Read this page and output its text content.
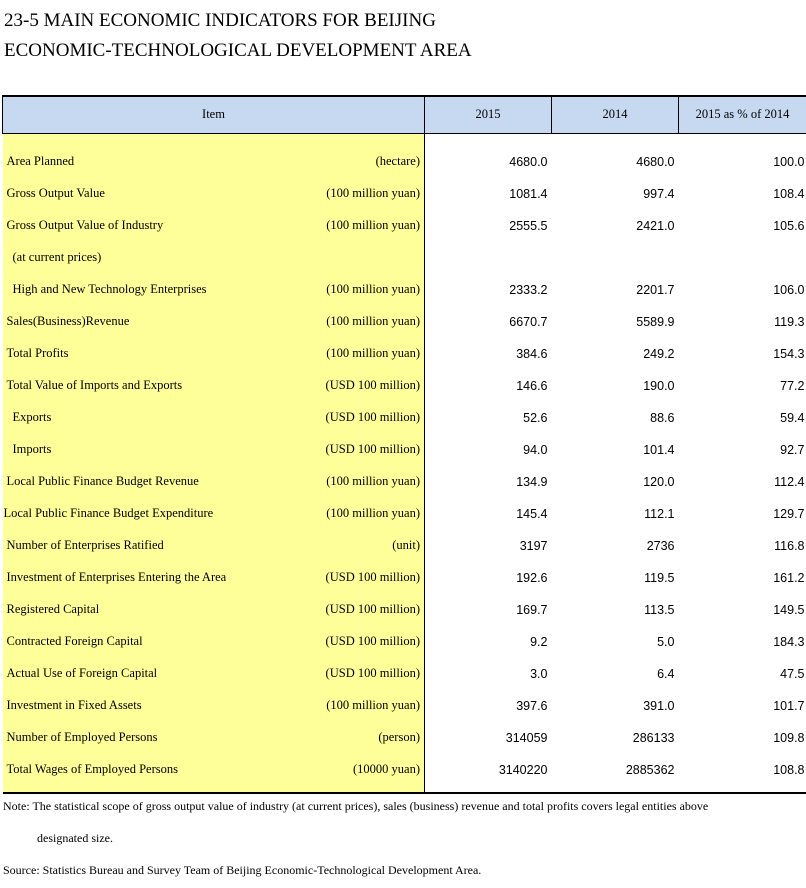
23-5 MAIN ECONOMIC INDICATORS FOR BEIJING
ECONOMIC-TECHNOLOGICAL DEVELOPMENT AREA
Item	2015	2014	2015 as % of 2014

Area Planned (hectare)	4680.0	4680.0	100.0

Gross Output Value (100 million yuan)	1081.4	997.4	108.4

Gross Output Value of Industry (100 million yuan)	2555.5	2421.0	105.6

(at current prices)			

High and New Technology Enterprises (100 million yuan)	2333.2	2201.7	106.0

Sales(Business)Revenue (100 million yuan)	6670.7	5589.9	119.3

Total Profits (100 million yuan)	384.6	249.2	154.3

Total Value of Imports and Exports (USD 100 million)	146.6	190.0	77.2

Exports (USD 100 million)	52.6	88.6	59.4

Imports (USD 100 million)	94.0	101.4	92.7

Local Public Finance Budget Revenue (100 million yuan)	134.9	120.0	112.4

Local Public Finance Budget Expenditure (100 million yuan)	145.4	112.1	129.7

Number of Enterprises Ratified (unit)	3197	2736	116.8

Investment of Enterprises Entering the Area (USD 100 million)	192.6	119.5	161.2

Registered Capital (USD 100 million)	169.7	113.5	149.5

Contracted Foreign Capital (USD 100 million)	9.2	5.0	184.3

Actual Use of Foreign Capital (USD 100 million)	3.0	6.4	47.5

Investment in Fixed Assets (100 million yuan)	397.6	391.0	101.7

Number of Employed Persons (person)	314059	286133	109.8

Total Wages of Employed Persons (10000 yuan)	3140220	2885362	108.8
Note: The statistical scope of gross output value of industry (at current prices), sales (business) revenue and total profits covers legal entities above
designated size.
Source: Statistics Bureau and Survey Team of Beijing Economic-Technological Development Area.
